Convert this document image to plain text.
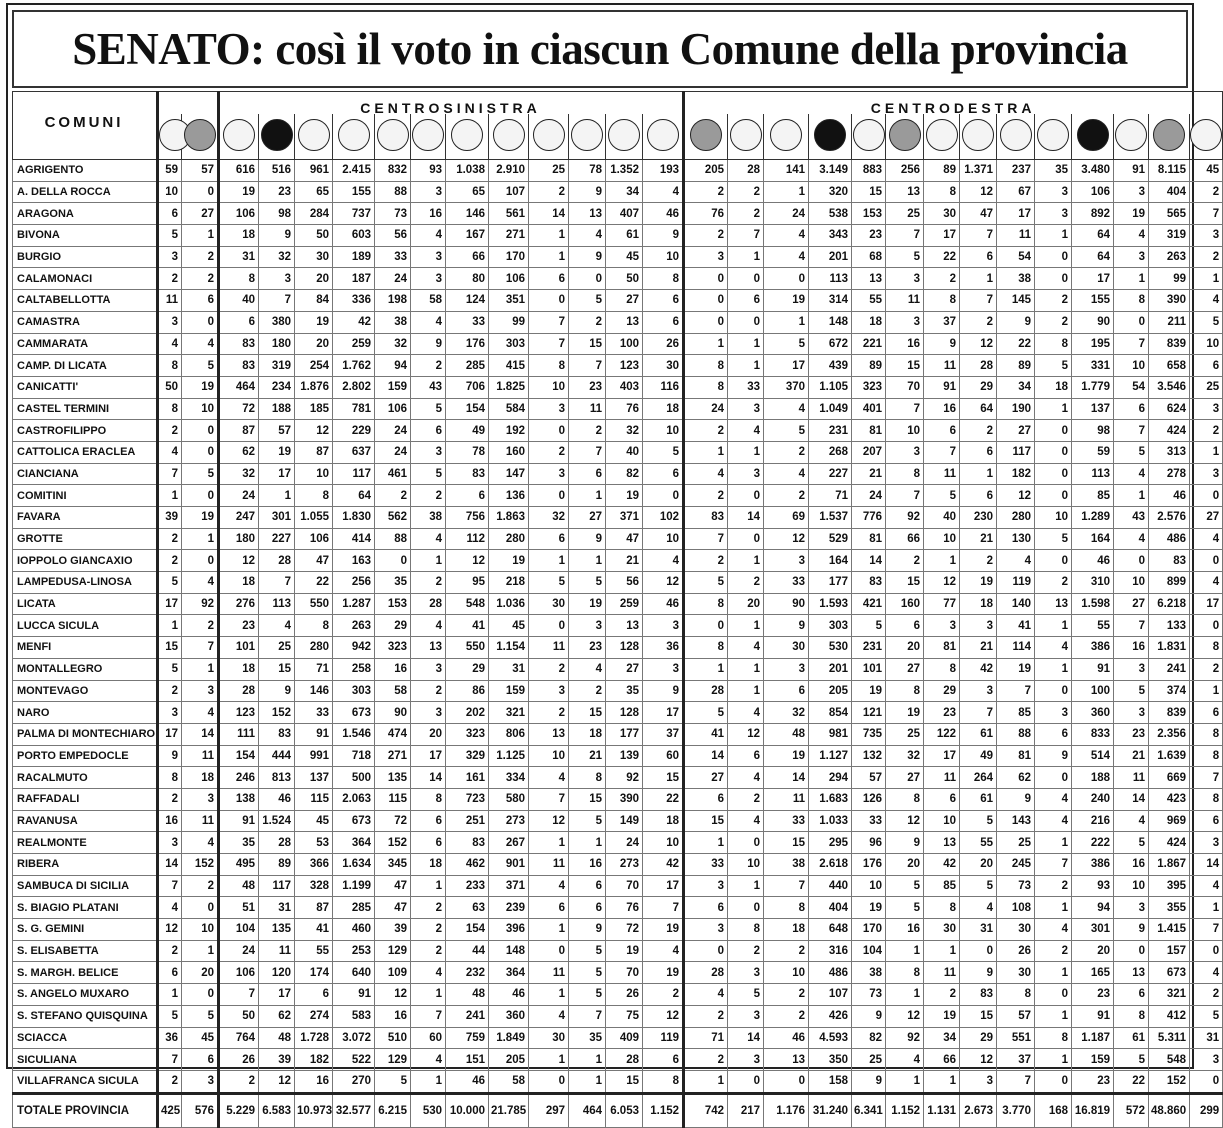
SENATO: così il voto in ciascun Comune della provincia
COMUNI			CENTROSINISTRA												CENTRODESTRA														

AGRIGENTO	59	57	616	516	961	2.415	832	93	1.038	2.910	25	78	1.352	193	205	28	141	3.149	883	256	89	1.371	237	35	3.480	91	8.115	45	
A. DELLA ROCCA	10	0	19	23	65	155	88	3	65	107	2	9	34	4	2	2	1	320	15	13	8	12	67	3	106	3	404	2	
ARAGONA	6	27	106	98	284	737	73	16	146	561	14	13	407	46	76	2	24	538	153	25	30	47	17	3	892	19	565	7	
BIVONA	5	1	18	9	50	603	56	4	167	271	1	4	61	9	2	7	4	343	23	7	17	7	11	1	64	4	319	3	
BURGIO	3	2	31	32	30	189	33	3	66	170	1	9	45	10	3	1	4	201	68	5	22	6	54	0	64	3	263	2	
CALAMONACI	2	2	8	3	20	187	24	3	80	106	6	0	50	8	0	0	0	113	13	3	2	1	38	0	17	1	99	1	
CALTABELLOTTA	11	6	40	7	84	336	198	58	124	351	0	5	27	6	0	6	19	314	55	11	8	7	145	2	155	8	390	4	
CAMASTRA	3	0	6	380	19	42	38	4	33	99	7	2	13	6	0	0	1	148	18	3	37	2	9	2	90	0	211	5	
CAMMARATA	4	4	83	180	20	259	32	9	176	303	7	15	100	26	1	1	5	672	221	16	9	12	22	8	195	7	839	10	
CAMP. DI LICATA	8	5	83	319	254	1.762	94	2	285	415	8	7	123	30	8	1	17	439	89	15	11	28	89	5	331	10	658	6	
CANICATTI'	50	19	464	234	1.876	2.802	159	43	706	1.825	10	23	403	116	8	33	370	1.105	323	70	91	29	34	18	1.779	54	3.546	25	
CASTEL TERMINI	8	10	72	188	185	781	106	5	154	584	3	11	76	18	24	3	4	1.049	401	7	16	64	190	1	137	6	624	3	
CASTROFILIPPO	2	0	87	57	12	229	24	6	49	192	0	2	32	10	2	4	5	231	81	10	6	2	27	0	98	7	424	2	
CATTOLICA ERACLEA	4	0	62	19	87	637	24	3	78	160	2	7	40	5	1	1	2	268	207	3	7	6	117	0	59	5	313	1	
CIANCIANA	7	5	32	17	10	117	461	5	83	147	3	6	82	6	4	3	4	227	21	8	11	1	182	0	113	4	278	3	
COMITINI	1	0	24	1	8	64	2	2	6	136	0	1	19	0	2	0	2	71	24	7	5	6	12	0	85	1	46	0	
FAVARA	39	19	247	301	1.055	1.830	562	38	756	1.863	32	27	371	102	83	14	69	1.537	776	92	40	230	280	10	1.289	43	2.576	27	
GROTTE	2	1	180	227	106	414	88	4	112	280	6	9	47	10	7	0	12	529	81	66	10	21	130	5	164	4	486	4	
IOPPOLO GIANCAXIO	2	0	12	28	47	163	0	1	12	19	1	1	21	4	2	1	3	164	14	2	1	2	4	0	46	0	83	0	
LAMPEDUSA-LINOSA	5	4	18	7	22	256	35	2	95	218	5	5	56	12	5	2	33	177	83	15	12	19	119	2	310	10	899	4	
LICATA	17	92	276	113	550	1.287	153	28	548	1.036	30	19	259	46	8	20	90	1.593	421	160	77	18	140	13	1.598	27	6.218	17	
LUCCA SICULA	1	2	23	4	8	263	29	4	41	45	0	3	13	3	0	1	9	303	5	6	3	3	41	1	55	7	133	0	
MENFI	15	7	101	25	280	942	323	13	550	1.154	11	23	128	36	8	4	30	530	231	20	81	21	114	4	386	16	1.831	8	
MONTALLEGRO	5	1	18	15	71	258	16	3	29	31	2	4	27	3	1	1	3	201	101	27	8	42	19	1	91	3	241	2	
MONTEVAGO	2	3	28	9	146	303	58	2	86	159	3	2	35	9	28	1	6	205	19	8	29	3	7	0	100	5	374	1	
NARO	3	4	123	152	33	673	90	3	202	321	2	15	128	17	5	4	32	854	121	19	23	7	85	3	360	3	839	6	
PALMA DI MONTECHIARO	17	14	111	83	91	1.546	474	20	323	806	13	18	177	37	41	12	48	981	735	25	122	61	88	6	833	23	2.356	8	
PORTO EMPEDOCLE	9	11	154	444	991	718	271	17	329	1.125	10	21	139	60	14	6	19	1.127	132	32	17	49	81	9	514	21	1.639	8	
RACALMUTO	8	18	246	813	137	500	135	14	161	334	4	8	92	15	27	4	14	294	57	27	11	264	62	0	188	11	669	7	
RAFFADALI	2	3	138	46	115	2.063	115	8	723	580	7	15	390	22	6	2	11	1.683	126	8	6	61	9	4	240	14	423	8	
RAVANUSA	16	11	91	1.524	45	673	72	6	251	273	12	5	149	18	15	4	33	1.033	33	12	10	5	143	4	216	4	969	6	
REALMONTE	3	4	35	28	53	364	152	6	83	267	1	1	24	10	1	0	15	295	96	9	13	55	25	1	222	5	424	3	
RIBERA	14	152	495	89	366	1.634	345	18	462	901	11	16	273	42	33	10	38	2.618	176	20	42	20	245	7	386	16	1.867	14	
SAMBUCA DI SICILIA	7	2	48	117	328	1.199	47	1	233	371	4	6	70	17	3	1	7	440	10	5	85	5	73	2	93	10	395	4	
S. BIAGIO PLATANI	4	0	51	31	87	285	47	2	63	239	6	6	76	7	6	0	8	404	19	5	8	4	108	1	94	3	355	1	
S. G. GEMINI	12	10	104	135	41	460	39	2	154	396	1	9	72	19	3	8	18	648	170	16	30	31	30	4	301	9	1.415	7	
S. ELISABETTA	2	1	24	11	55	253	129	2	44	148	0	5	19	4	0	2	2	316	104	1	1	0	26	2	20	0	157	0	
S. MARGH. BELICE	6	20	106	120	174	640	109	4	232	364	11	5	70	19	28	3	10	486	38	8	11	9	30	1	165	13	673	4	
S. ANGELO MUXARO	1	0	7	17	6	91	12	1	48	46	1	5	26	2	4	5	2	107	73	1	2	83	8	0	23	6	321	2	
S. STEFANO QUISQUINA	5	5	50	62	274	583	16	7	241	360	4	7	75	12	2	3	2	426	9	12	19	15	57	1	91	8	412	5	
SCIACCA	36	45	764	48	1.728	3.072	510	60	759	1.849	30	35	409	119	71	14	46	4.593	82	92	34	29	551	8	1.187	61	5.311	31	
SICULIANA	7	6	26	39	182	522	129	4	151	205	1	1	28	6	2	3	13	350	25	4	66	12	37	1	159	5	548	3	
VILLAFRANCA SICULA	2	3	2	12	16	270	5	1	46	58	0	1	15	8	1	0	0	158	9	1	1	3	7	0	23	22	152	0	
TOTALE PROVINCIA	425	576	5.229	6.583	10.973	32.577	6.215	530	10.000	21.785	297	464	6.053	1.152	742	217	1.176	31.240	6.341	1.152	1.131	2.673	3.770	168	16.819	572	48.860	299	
